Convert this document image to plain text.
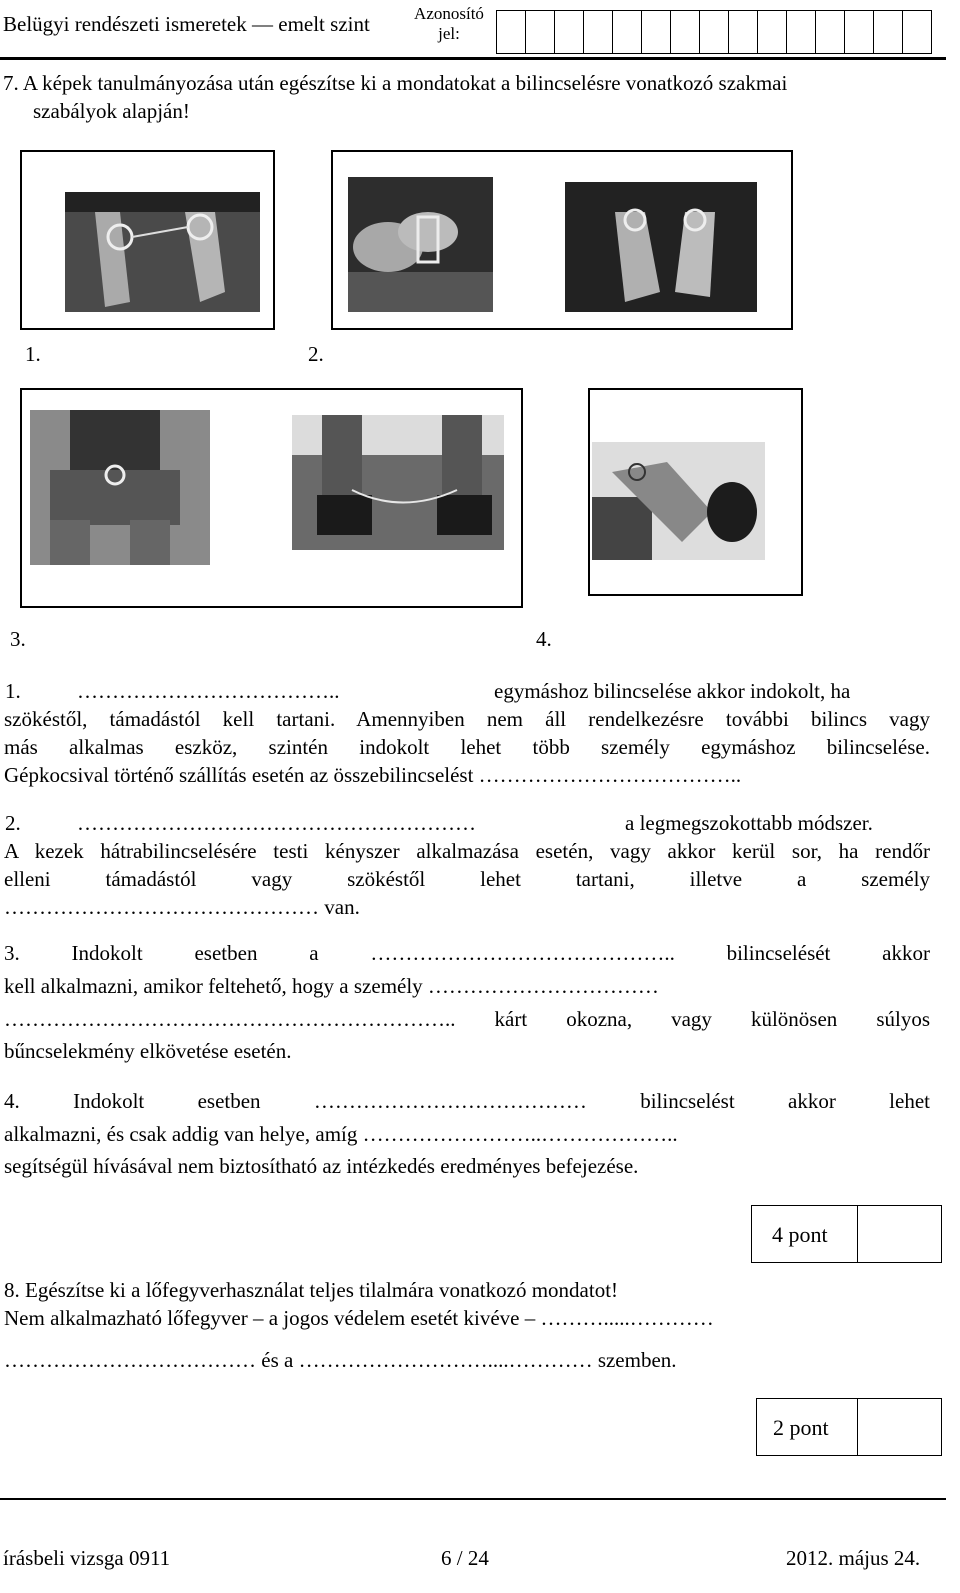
Belügyi rendészeti ismeretek — emelt szint	Azonosító jel:
7. A képek tanulmányozása után egészítse ki a mondatokat a bilincselésre vonatkozó szakmai
szabályok alapján!
1.	2.
3.	4.
1.	………………………………..	egymáshoz bilincselése akkor indokolt, ha
szökéstől, támadástól kell tartani. Amennyiben nem áll rendelkezésre további bilincs vagy
más alkalmas eszköz, szintén indokolt lehet több személy egymáshoz bilincselése.
Gépkocsival történő szállítás esetén az összebilincselést ………………………………..
2.	…………………………………………………	a legmegszokottabb módszer.
A kezek hátrabilincselésére testi kényszer alkalmazása esetén, vagy akkor kerül sor, ha rendőr
elleni támadástól vagy szökéstől lehet tartani, illetve a személy
……………………………………… van.
3. Indokolt esetben a …………………………………….. bilincselését akkor
kell alkalmazni, amikor feltehető, hogy a személy ……………………………
……………………………………………………….. kárt okozna, vagy különösen súlyos
bűncselekmény elkövetése esetén.
4. Indokolt esetben ………………………………… bilincselést akkor lehet
alkalmazni, és csak addig van helye, amíg ……………………..………………..
segítségül hívásával nem biztosítható az intézkedés eredményes befejezése.
4 pont
8. Egészítse ki a lőfegyverhasználat teljes tilalmára vonatkozó mondatot!
Nem alkalmazható lőfegyver – a jogos védelem esetét kivéve – ……….....…………
……………………………… és a ………………………....………… szemben.
2 pont
írásbeli vizsga 0911	6 / 24	2012. május 24.
